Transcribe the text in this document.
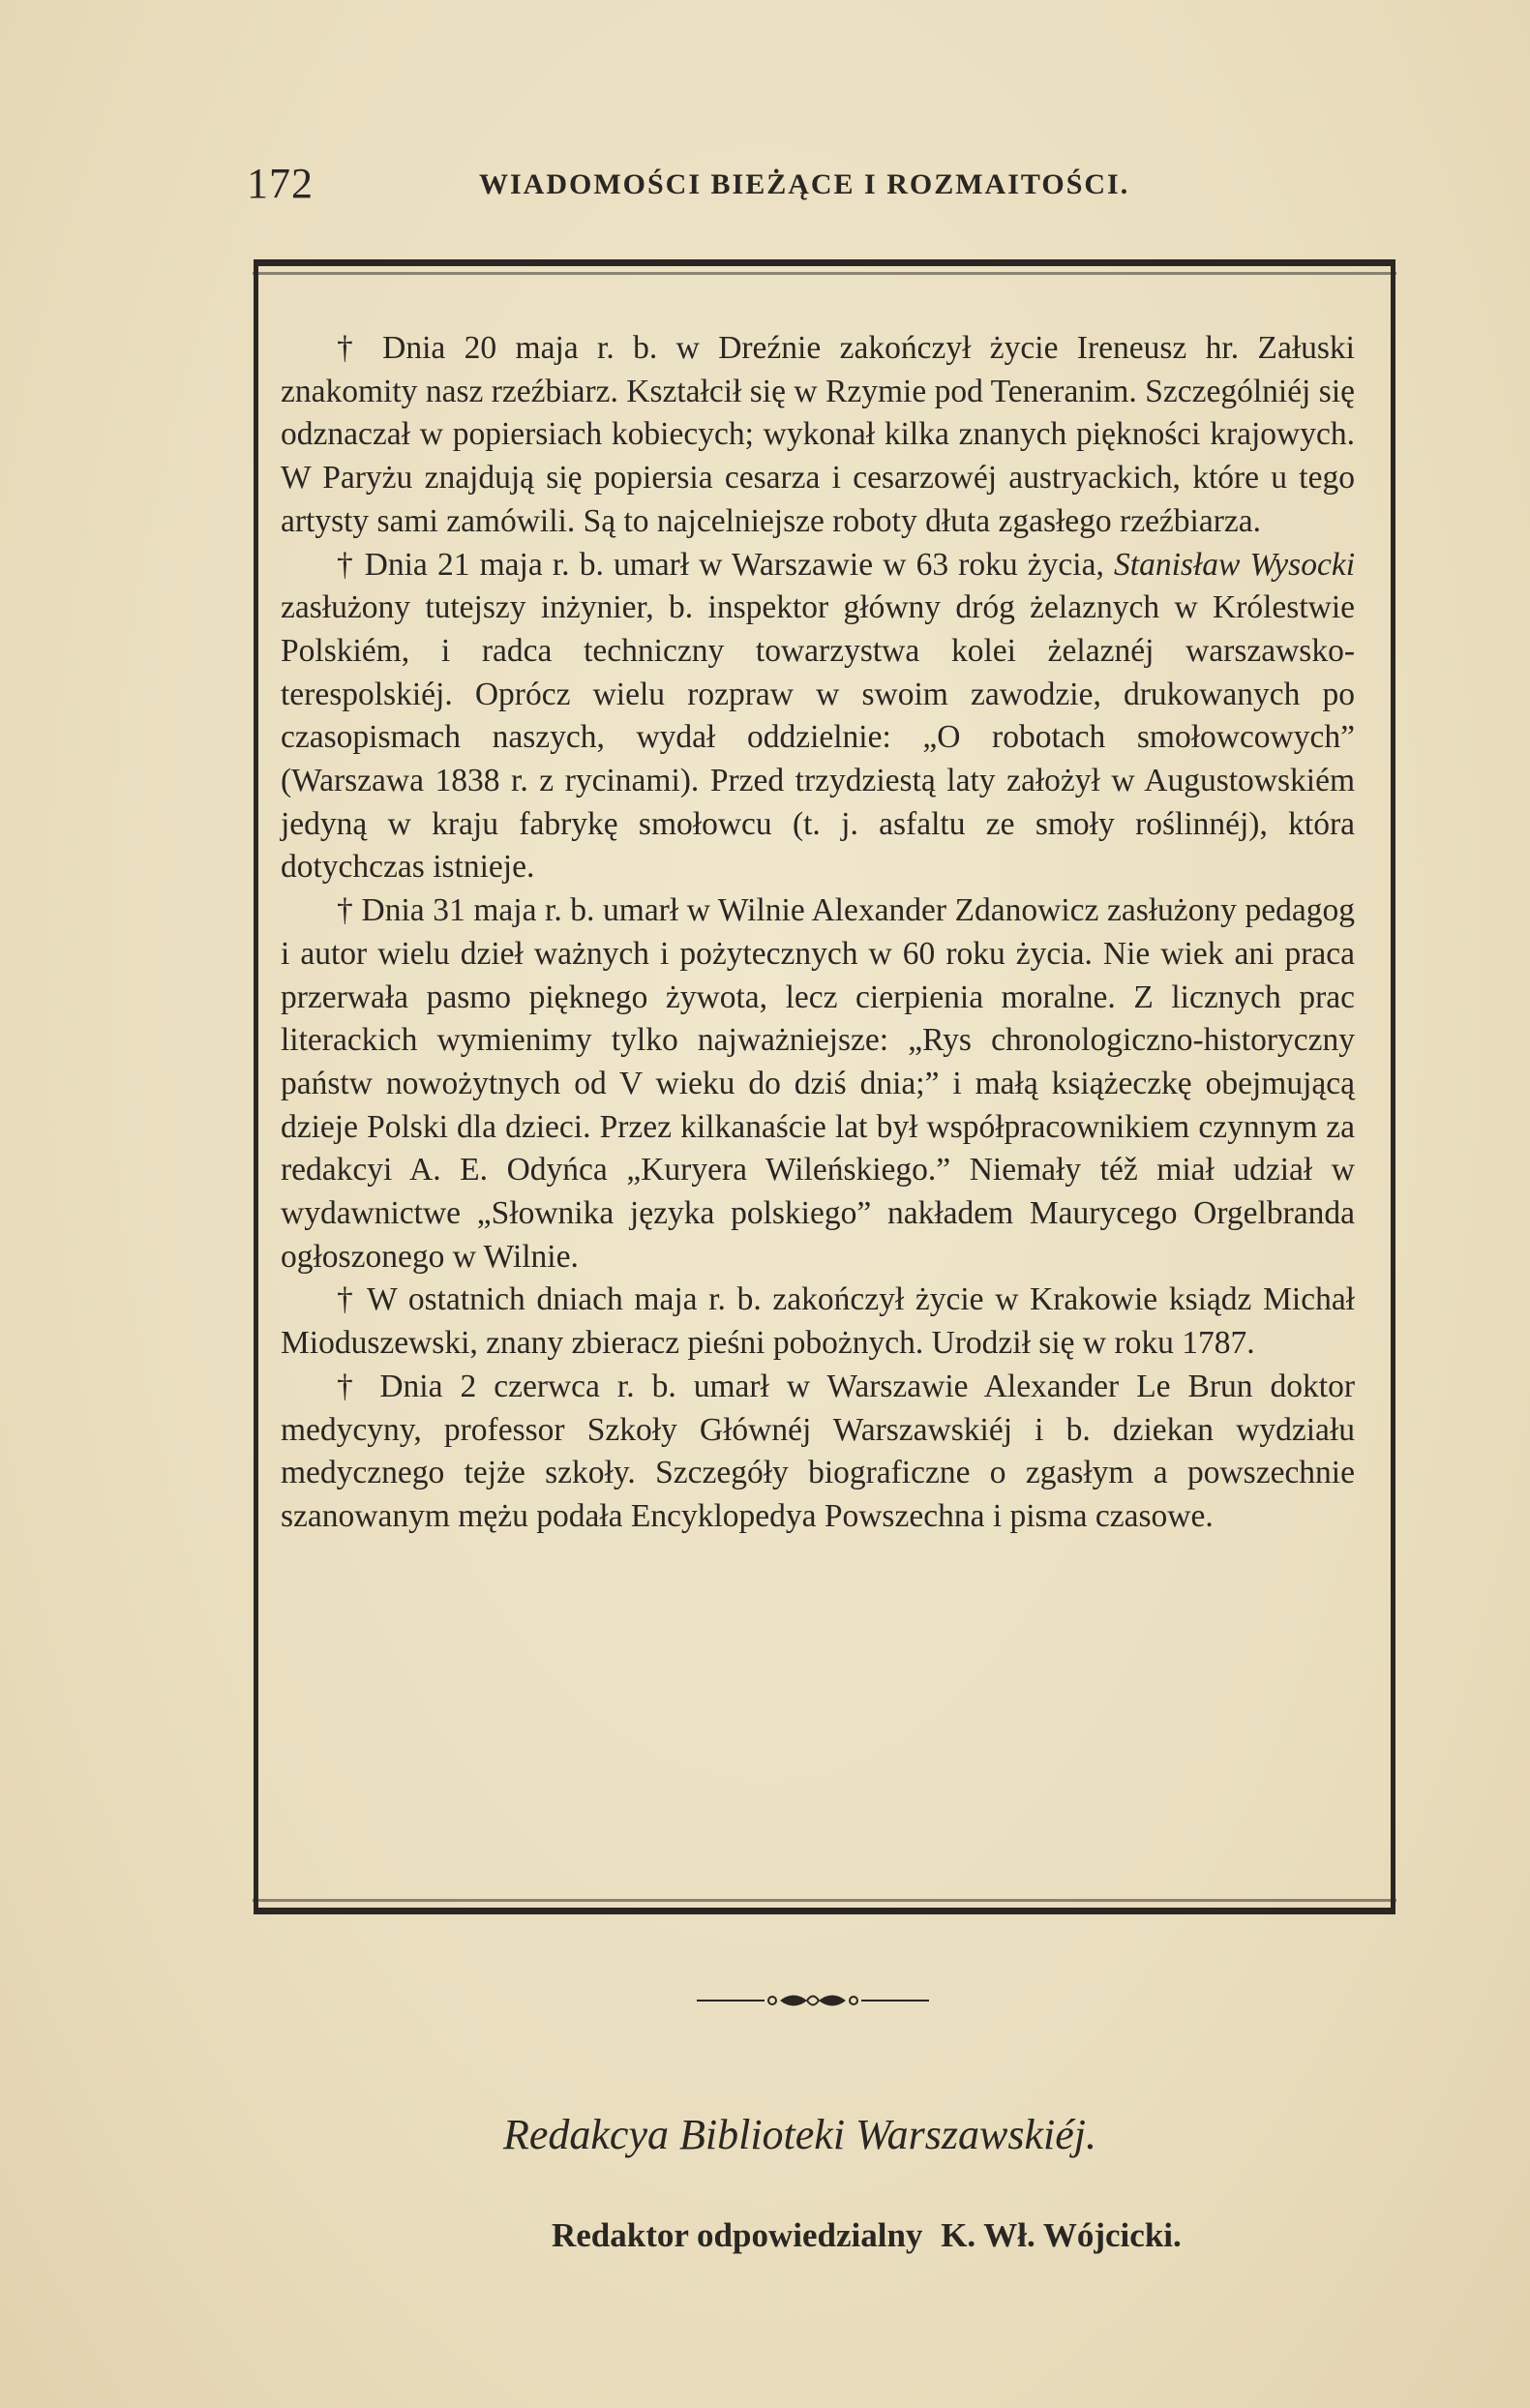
172	WIADOMOŚCI BIEŻĄCE I ROZMAITOŚCI.

† Dnia 20 maja r. b. w Dreźnie zakończył życie Ireneusz hr. Załuski znakomity nasz rzeźbiarz. Kształcił się w Rzymie pod Teneranim. Szczególniéj się odznaczał w popiersiach kobiecych; wykonał kilka znanych piękności krajowych. W Paryżu znajdują się popiersia cesarza i cesarzowéj austryackich, które u tego artysty sami zamówili. Są to najcelniejsze roboty dłuta zgasłego rzeźbiarza.

† Dnia 21 maja r. b. umarł w Warszawie w 63 roku życia, Stanisław Wysocki zasłużony tutejszy inżynier, b. inspektor główny dróg żelaznych w Królestwie Polskiém, i radca techniczny towarzystwa kolei żelaznéj warszawsko-terespolskiéj. Oprócz wielu rozpraw w swoim zawodzie, drukowanych po czasopismach naszych, wydał oddzielnie: „O robotach smołowcowych” (Warszawa 1838 r. z rycinami). Przed trzydziestą laty założył w Augustowskiém jedyną w kraju fabrykę smołowcu (t. j. asfaltu ze smoły roślinnéj), która dotychczas istnieje.

† Dnia 31 maja r. b. umarł w Wilnie Alexander Zdanowicz zasłużony pedagog i autor wielu dzieł ważnych i pożytecznych w 60 roku życia. Nie wiek ani praca przerwała pasmo pięknego żywota, lecz cierpienia moralne. Z licznych prac literackich wymienimy tylko najważniejsze: „Rys chronologiczno-historyczny państw nowożytnych od V wieku do dziś dnia;” i małą książeczkę obejmującą dzieje Polski dla dzieci. Przez kilkanaście lat był współpracownikiem czynnym za redakcyi A. E. Odyńca „Kuryera Wileńskiego.” Niemały též miał udział w wydawnictwe „Słownika języka polskiego” nakładem Maurycego Orgelbranda ogłoszonego w Wilnie.

† W ostatnich dniach maja r. b. zakończył życie w Krakowie ksiądz Michał Mioduszewski, znany zbieracz pieśni pobożnych. Urodził się w roku 1787.

† Dnia 2 czerwca r. b. umarł w Warszawie Alexander Le Brun doktor medycyny, professor Szkoły Głównéj Warszawskiéj i b. dziekan wydziału medycznego tejże szkoły. Szczegóły biograficzne o zgasłym a powszechnie szanowanym mężu podała Encyklopedya Powszechna i pisma czasowe.

Redakcya Biblioteki Warszawskiéj.
Redaktor odpowiedzialny K. Wł. Wójcicki.
